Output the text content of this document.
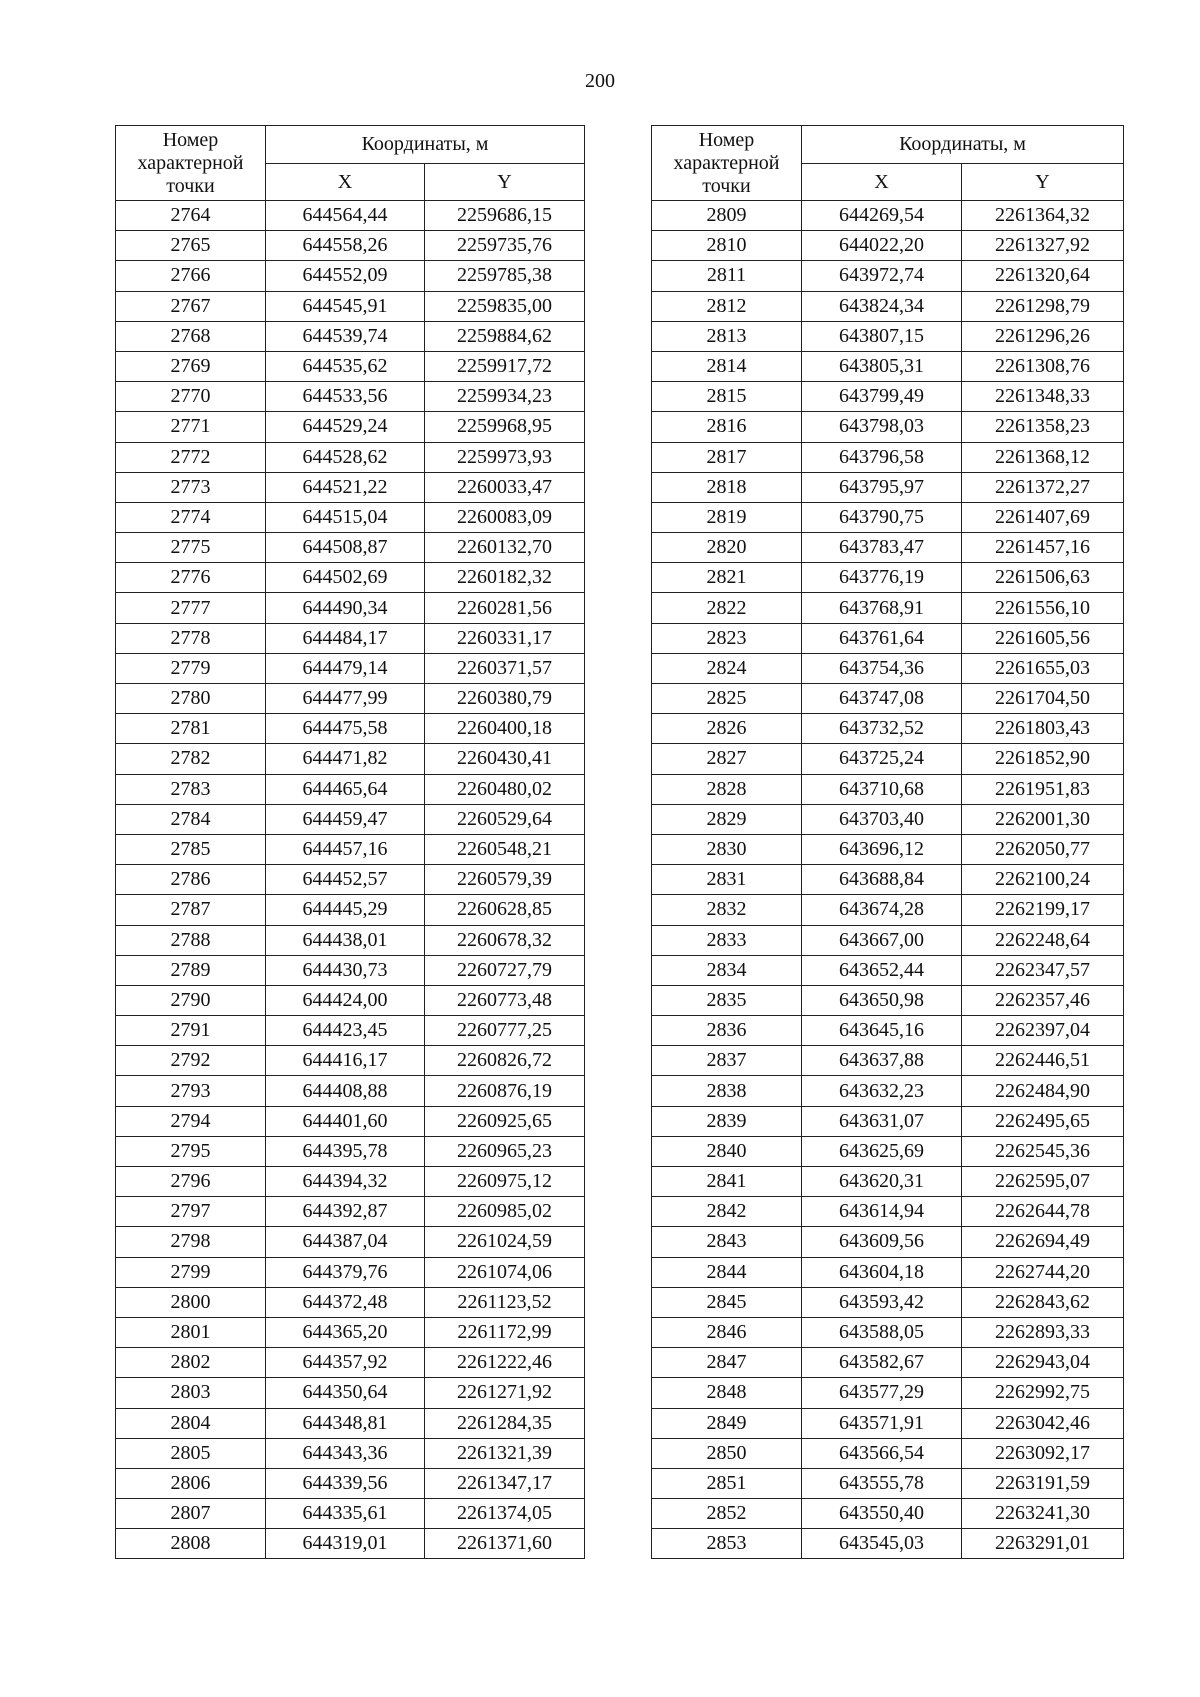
200
Номер характерной точки	Координаты, м	
	X	Y
2764	644564,44	2259686,15
2765	644558,26	2259735,76
2766	644552,09	2259785,38
2767	644545,91	2259835,00
2768	644539,74	2259884,62
2769	644535,62	2259917,72
2770	644533,56	2259934,23
2771	644529,24	2259968,95
2772	644528,62	2259973,93
2773	644521,22	2260033,47
2774	644515,04	2260083,09
2775	644508,87	2260132,70
2776	644502,69	2260182,32
2777	644490,34	2260281,56
2778	644484,17	2260331,17
2779	644479,14	2260371,57
2780	644477,99	2260380,79
2781	644475,58	2260400,18
2782	644471,82	2260430,41
2783	644465,64	2260480,02
2784	644459,47	2260529,64
2785	644457,16	2260548,21
2786	644452,57	2260579,39
2787	644445,29	2260628,85
2788	644438,01	2260678,32
2789	644430,73	2260727,79
2790	644424,00	2260773,48
2791	644423,45	2260777,25
2792	644416,17	2260826,72
2793	644408,88	2260876,19
2794	644401,60	2260925,65
2795	644395,78	2260965,23
2796	644394,32	2260975,12
2797	644392,87	2260985,02
2798	644387,04	2261024,59
2799	644379,76	2261074,06
2800	644372,48	2261123,52
2801	644365,20	2261172,99
2802	644357,92	2261222,46
2803	644350,64	2261271,92
2804	644348,81	2261284,35
2805	644343,36	2261321,39
2806	644339,56	2261347,17
2807	644335,61	2261374,05
2808	644319,01	2261371,60
Номер характерной точки	Координаты, м	
	X	Y
2809	644269,54	2261364,32
2810	644022,20	2261327,92
2811	643972,74	2261320,64
2812	643824,34	2261298,79
2813	643807,15	2261296,26
2814	643805,31	2261308,76
2815	643799,49	2261348,33
2816	643798,03	2261358,23
2817	643796,58	2261368,12
2818	643795,97	2261372,27
2819	643790,75	2261407,69
2820	643783,47	2261457,16
2821	643776,19	2261506,63
2822	643768,91	2261556,10
2823	643761,64	2261605,56
2824	643754,36	2261655,03
2825	643747,08	2261704,50
2826	643732,52	2261803,43
2827	643725,24	2261852,90
2828	643710,68	2261951,83
2829	643703,40	2262001,30
2830	643696,12	2262050,77
2831	643688,84	2262100,24
2832	643674,28	2262199,17
2833	643667,00	2262248,64
2834	643652,44	2262347,57
2835	643650,98	2262357,46
2836	643645,16	2262397,04
2837	643637,88	2262446,51
2838	643632,23	2262484,90
2839	643631,07	2262495,65
2840	643625,69	2262545,36
2841	643620,31	2262595,07
2842	643614,94	2262644,78
2843	643609,56	2262694,49
2844	643604,18	2262744,20
2845	643593,42	2262843,62
2846	643588,05	2262893,33
2847	643582,67	2262943,04
2848	643577,29	2262992,75
2849	643571,91	2263042,46
2850	643566,54	2263092,17
2851	643555,78	2263191,59
2852	643550,40	2263241,30
2853	643545,03	2263291,01
